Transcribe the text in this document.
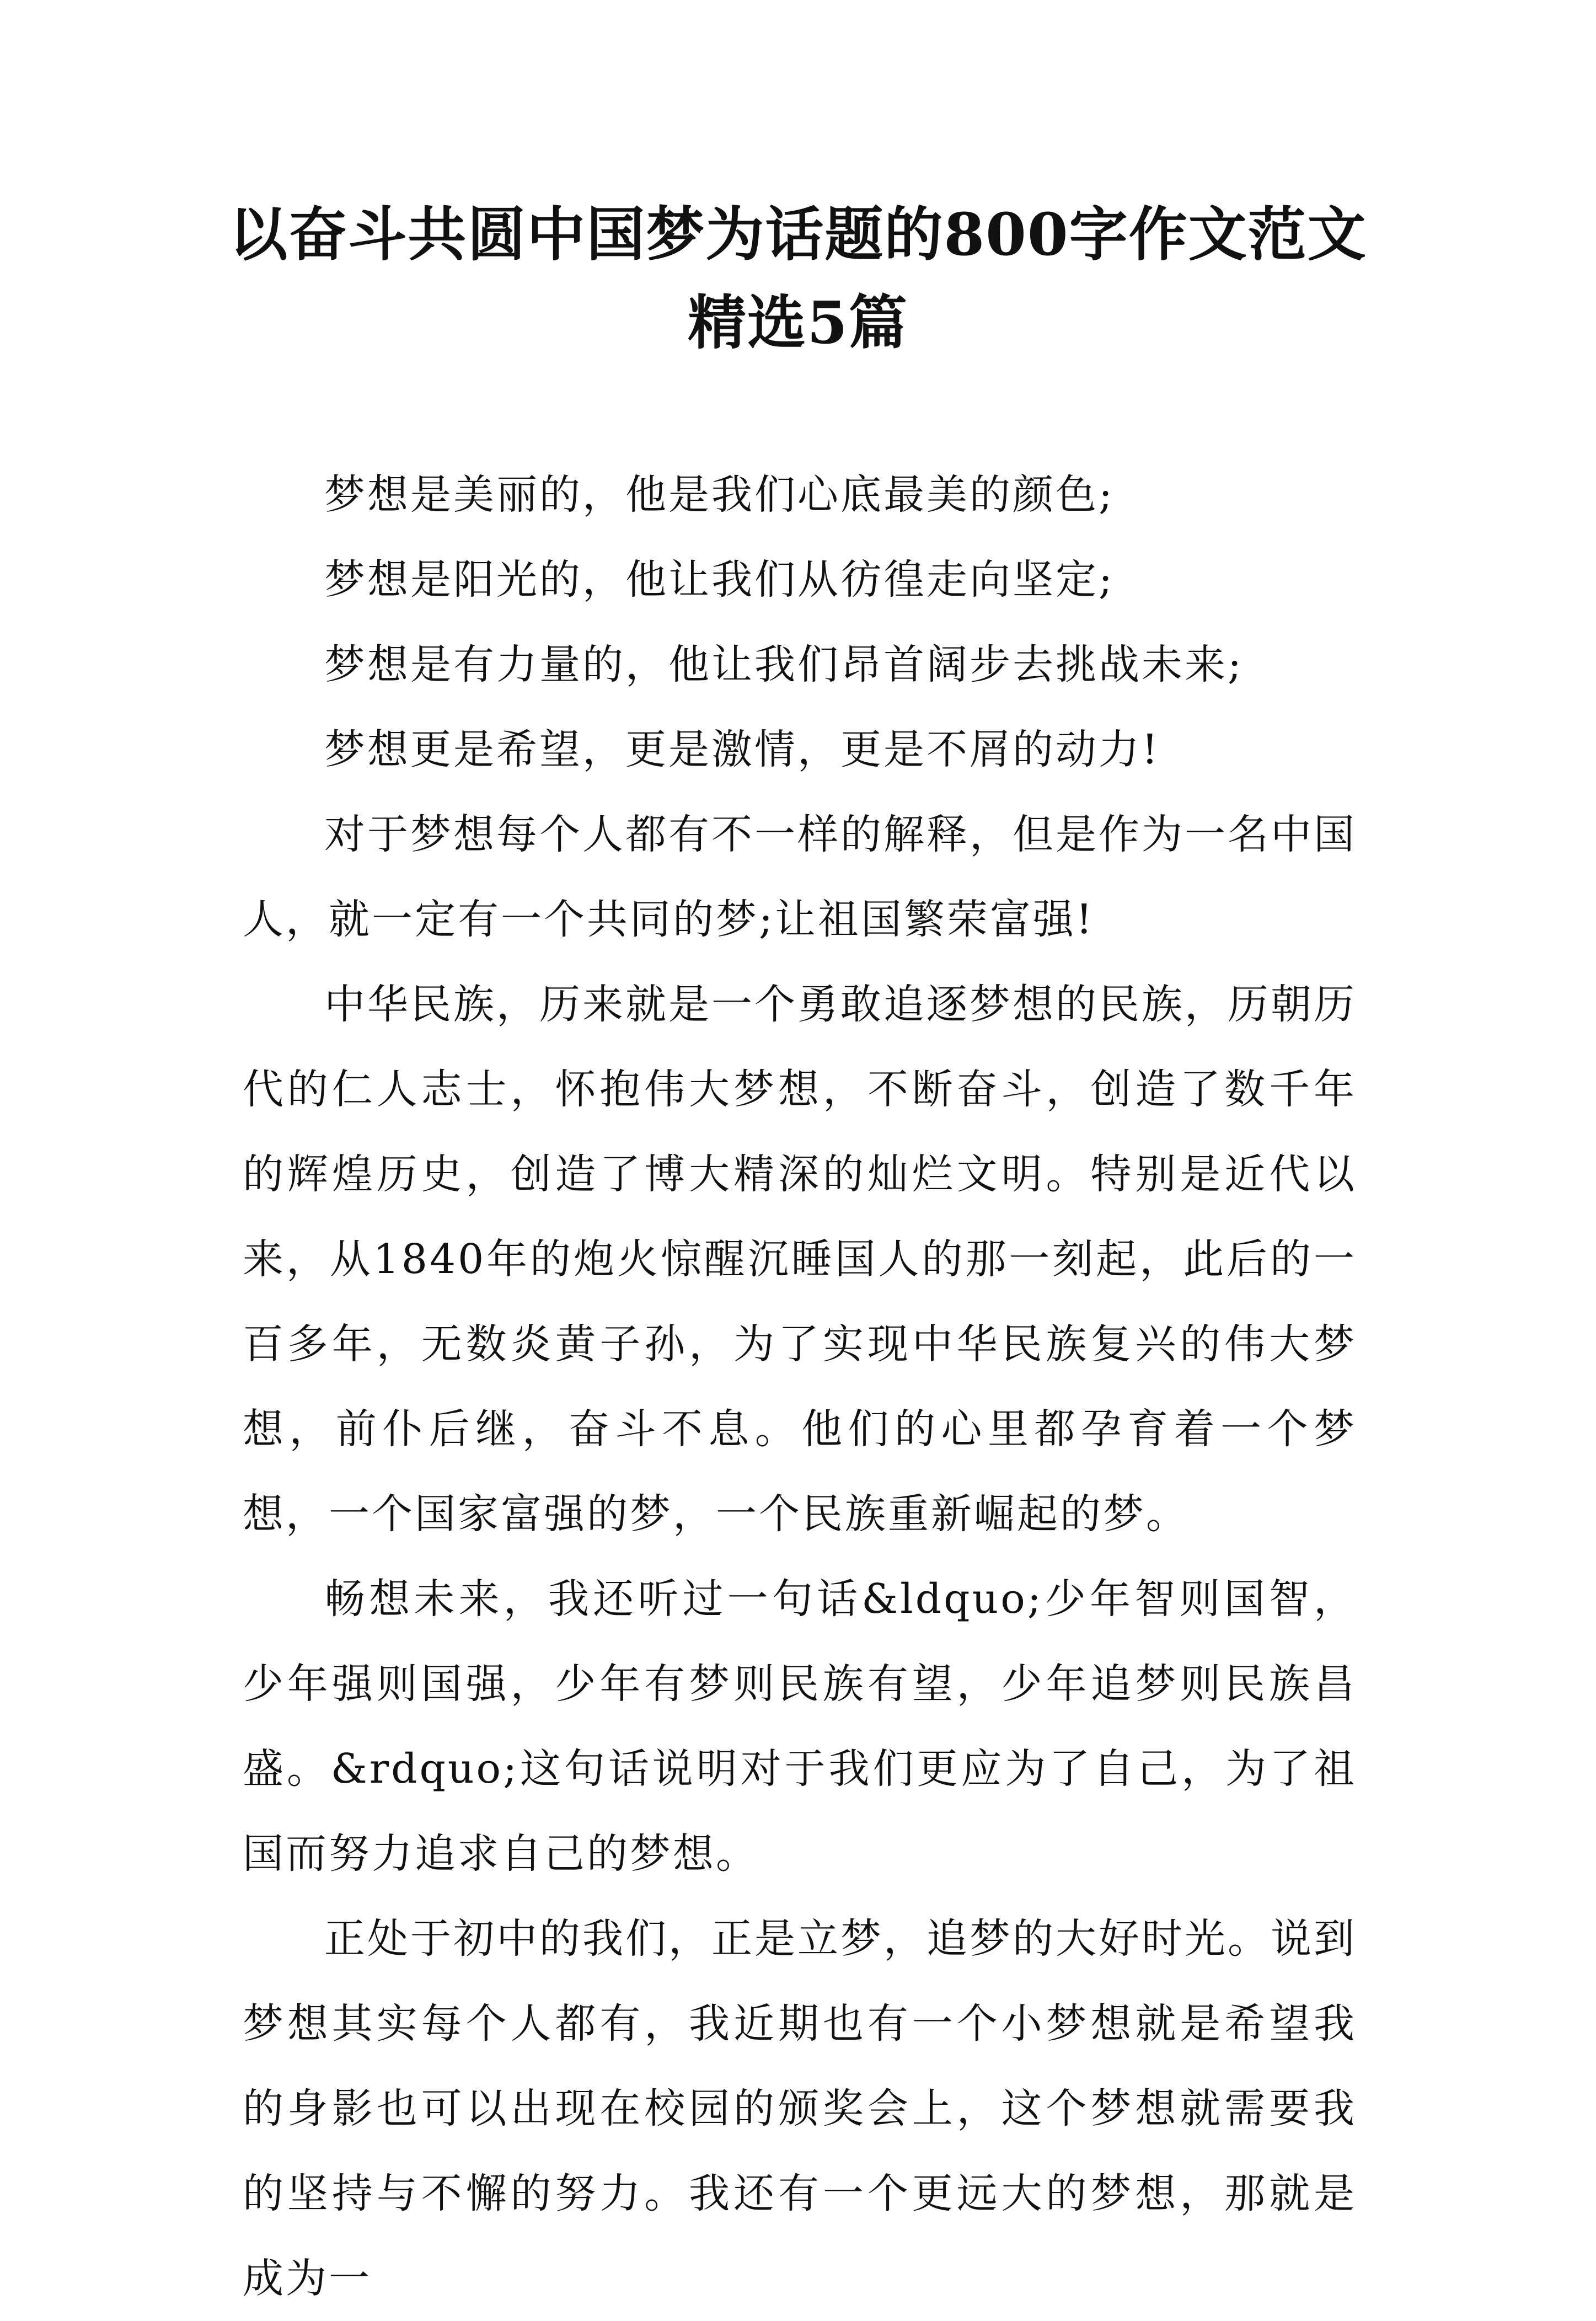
以奋斗共圆中国梦为话题的800字作文范文
精选5篇

梦想是美丽的，他是我们心底最美的颜色;

梦想是阳光的，他让我们从彷徨走向坚定;

梦想是有力量的，他让我们昂首阔步去挑战未来;

梦想更是希望，更是激情，更是不屑的动力!

对于梦想每个人都有不一样的解释，但是作为一名中国人，就一定有一个共同的梦;让祖国繁荣富强!

中华民族，历来就是一个勇敢追逐梦想的民族，历朝历代的仁人志士，怀抱伟大梦想，不断奋斗，创造了数千年的辉煌历史，创造了博大精深的灿烂文明。特别是近代以来，从1840年的炮火惊醒沉睡国人的那一刻起，此后的一百多年，无数炎黄子孙，为了实现中华民族复兴的伟大梦想，前仆后继，奋斗不息。他们的心里都孕育着一个梦想，一个国家富强的梦，一个民族重新崛起的梦。

畅想未来，我还听过一句话&ldquo;少年智则国智，少年强则国强，少年有梦则民族有望，少年追梦则民族昌盛。&rdquo;这句话说明对于我们更应为了自己，为了祖国而努力追求自己的梦想。

正处于初中的我们，正是立梦，追梦的大好时光。说到梦想其实每个人都有，我近期也有一个小梦想就是希望我的身影也可以出现在校园的颁奖会上，这个梦想就需要我的坚持与不懈的努力。我还有一个更远大的梦想，那就是成为一
